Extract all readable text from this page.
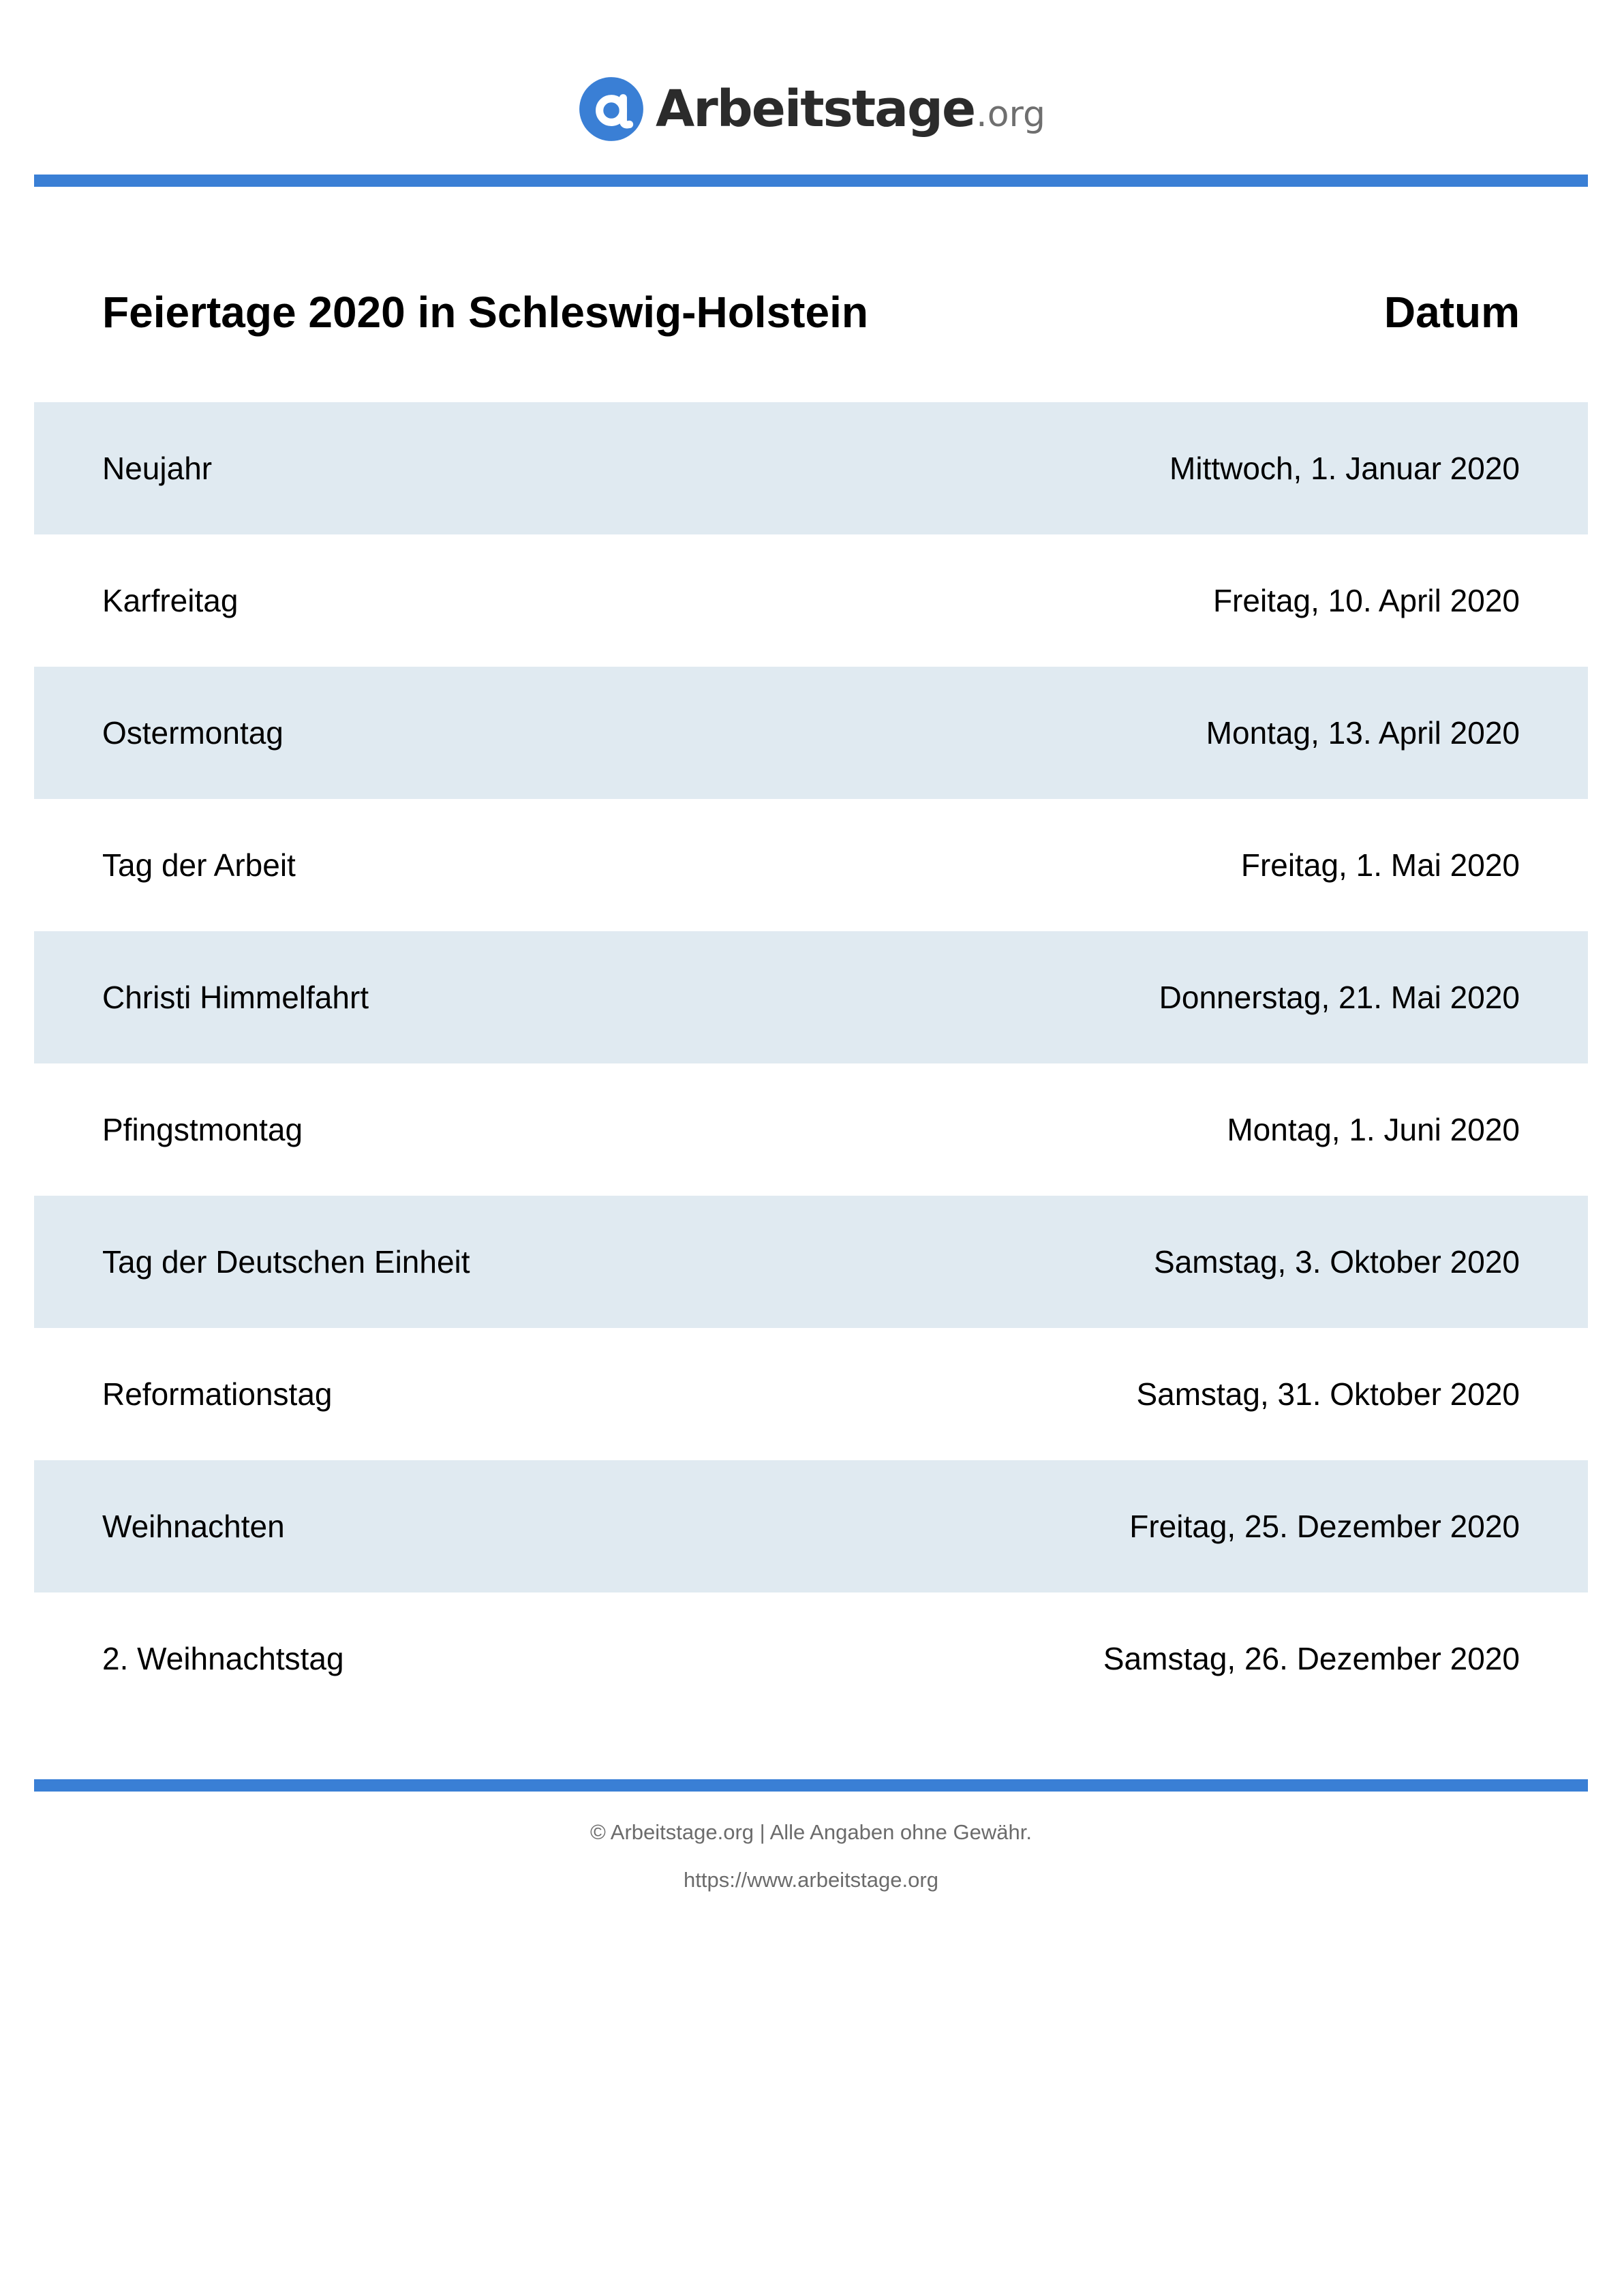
Arbeitstage .org
Feiertage 2020 in Schleswig-Holstein	Datum
Neujahr	Mittwoch, 1. Januar 2020
Karfreitag	Freitag, 10. April 2020
Ostermontag	Montag, 13. April 2020
Tag der Arbeit	Freitag, 1. Mai 2020
Christi Himmelfahrt	Donnerstag, 21. Mai 2020
Pfingstmontag	Montag, 1. Juni 2020
Tag der Deutschen Einheit	Samstag, 3. Oktober 2020
Reformationstag	Samstag, 31. Oktober 2020
Weihnachten	Freitag, 25. Dezember 2020
2. Weihnachtstag	Samstag, 26. Dezember 2020
© Arbeitstage.org | Alle Angaben ohne Gewähr.
https://www.arbeitstage.org
